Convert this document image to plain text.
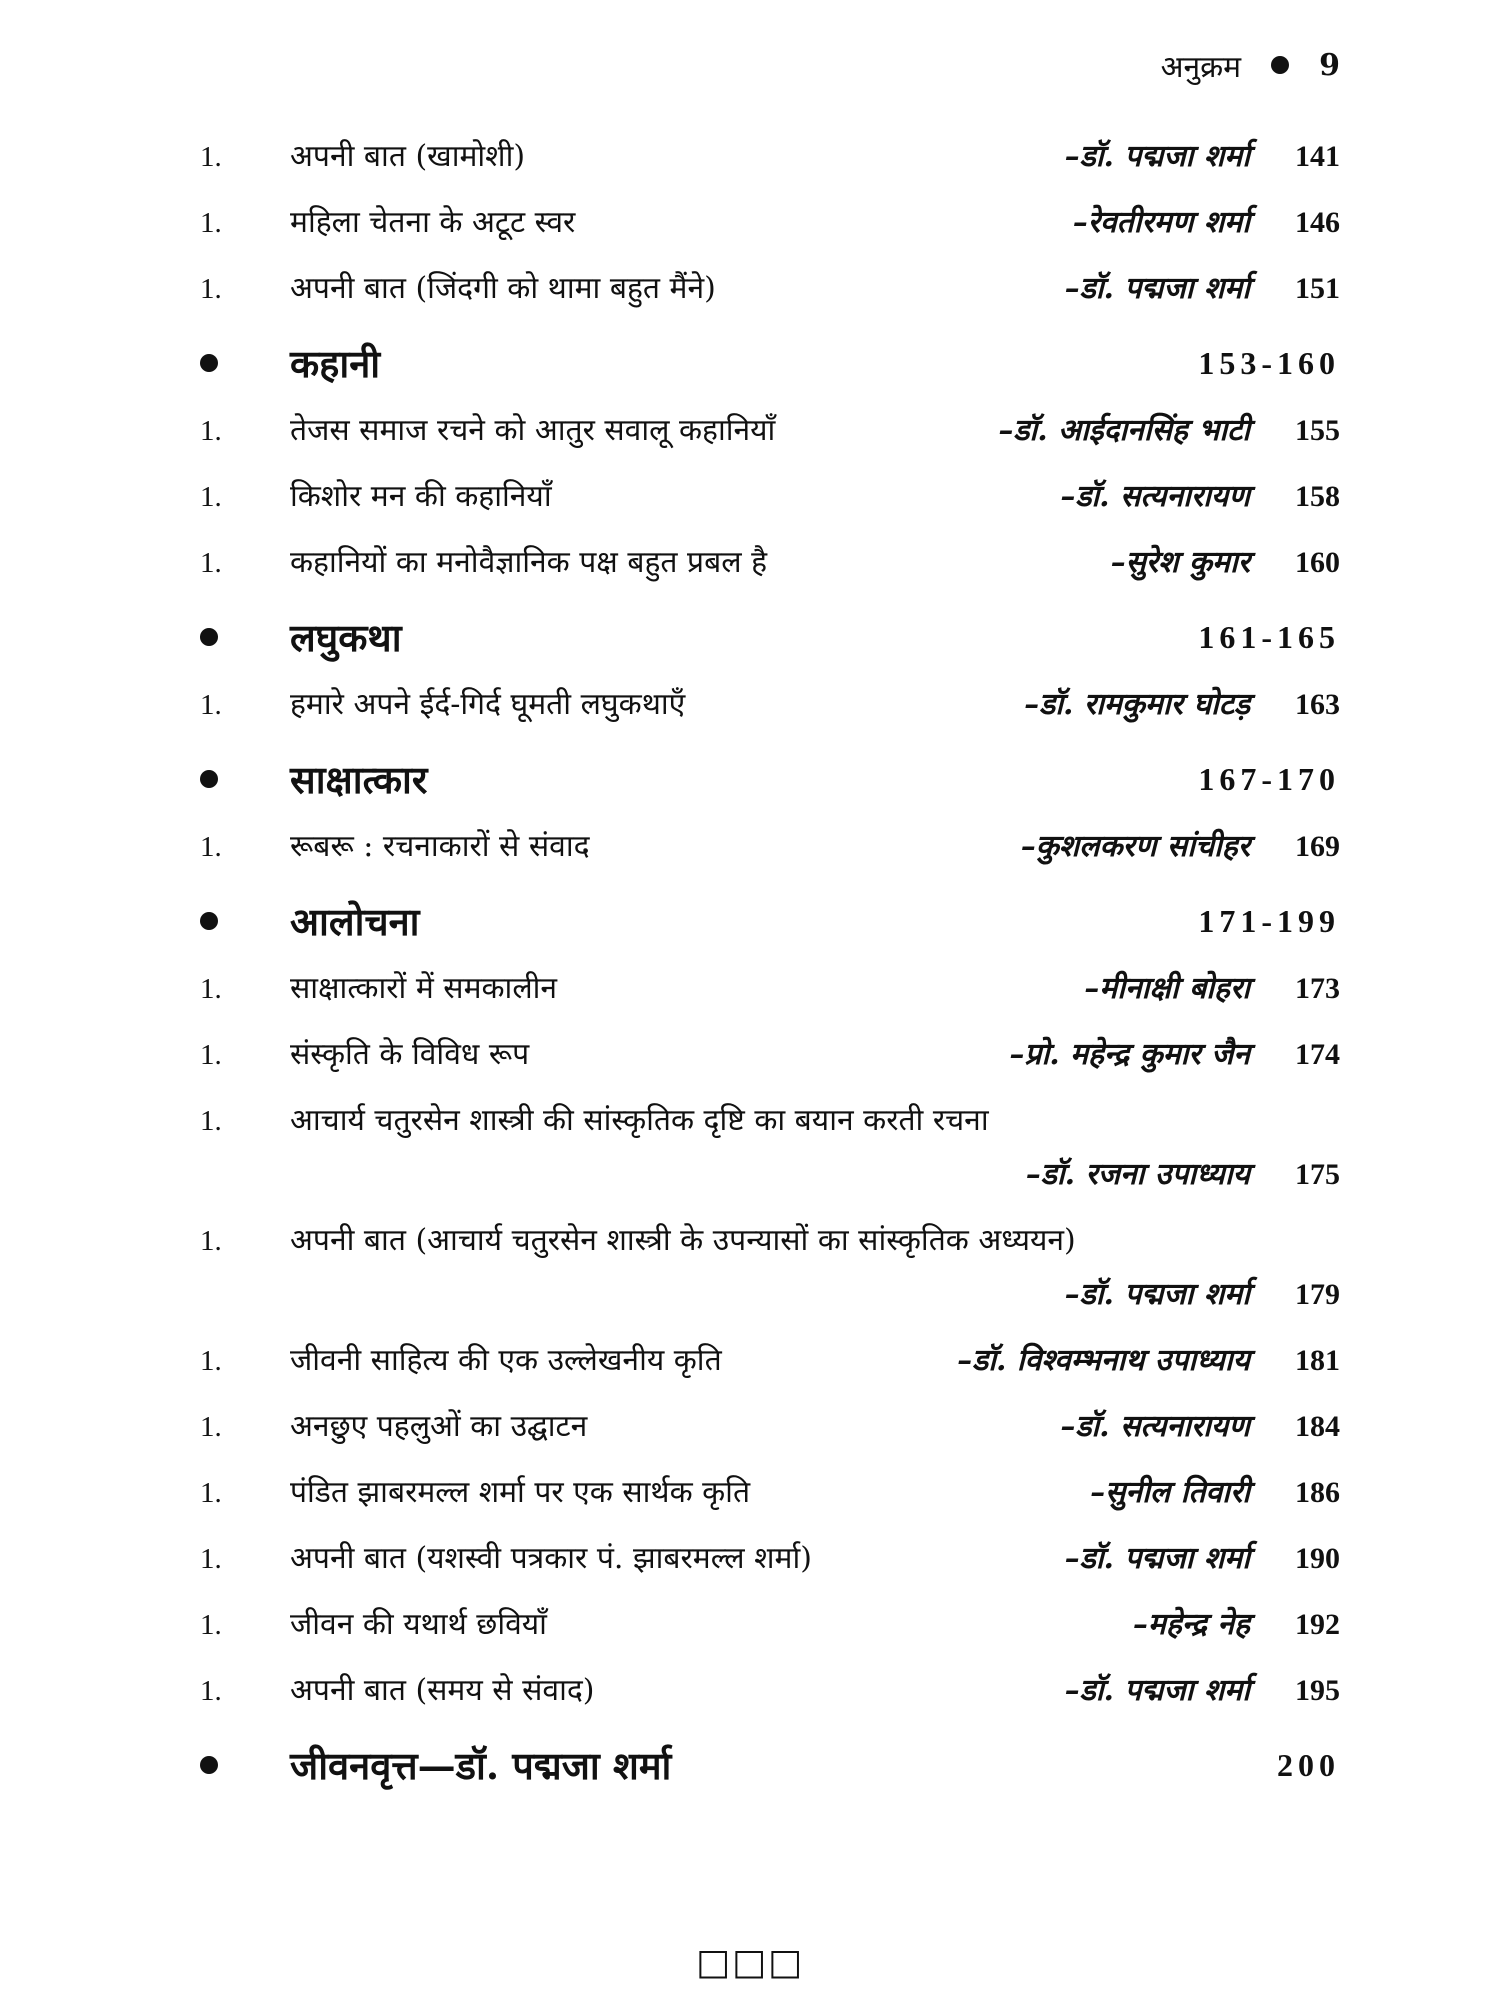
अनुक्रम	9
1.	अपनी बात (खामोशी)	–डॉ. पद्मजा शर्मा	141
1.	महिला चेतना के अटूट स्वर	–रेवतीरमण शर्मा	146
1.	अपनी बात (जिंदगी को थामा बहुत मैंने)	–डॉ. पद्मजा शर्मा	151
कहानी	153-160
1.	तेजस समाज रचने को आतुर सवालू कहानियाँ	–डॉ. आईदानसिंह भाटी	155
1.	किशोर मन की कहानियाँ	–डॉ. सत्यनारायण	158
1.	कहानियों का मनोवैज्ञानिक पक्ष बहुत प्रबल है	–सुरेश कुमार	160
लघुकथा	161-165
1.	हमारे अपने ईर्द-गिर्द घूमती लघुकथाएँ	–डॉ. रामकुमार घोटड़	163
साक्षात्कार	167-170
1.	रूबरू : रचनाकारों से संवाद	–कुशलकरण सांचीहर	169
आलोचना	171-199
1.	साक्षात्कारों में समकालीन	–मीनाक्षी बोहरा	173
1.	संस्कृति के विविध रूप	–प्रो. महेन्द्र कुमार जैन	174
1.	आचार्य चतुरसेन शास्त्री की सांस्कृतिक दृष्टि का बयान करती रचना
–डॉ. रजना उपाध्याय	175
1.	अपनी बात (आचार्य चतुरसेन शास्त्री के उपन्यासों का सांस्कृतिक अध्ययन)
–डॉ. पद्मजा शर्मा	179
1.	जीवनी साहित्य की एक उल्लेखनीय कृति	–डॉ. विश्वम्भनाथ उपाध्याय	181
1.	अनछुए पहलुओं का उद्घाटन	–डॉ. सत्यनारायण	184
1.	पंडित झाबरमल्ल शर्मा पर एक सार्थक कृति	–सुनील तिवारी	186
1.	अपनी बात (यशस्वी पत्रकार पं. झाबरमल्ल शर्मा)	–डॉ. पद्मजा शर्मा	190
1.	जीवन की यथार्थ छवियाँ	–महेन्द्र नेह	192
1.	अपनी बात (समय से संवाद)	–डॉ. पद्मजा शर्मा	195
जीवनवृत्त—डॉ. पद्मजा शर्मा	200
□□□
